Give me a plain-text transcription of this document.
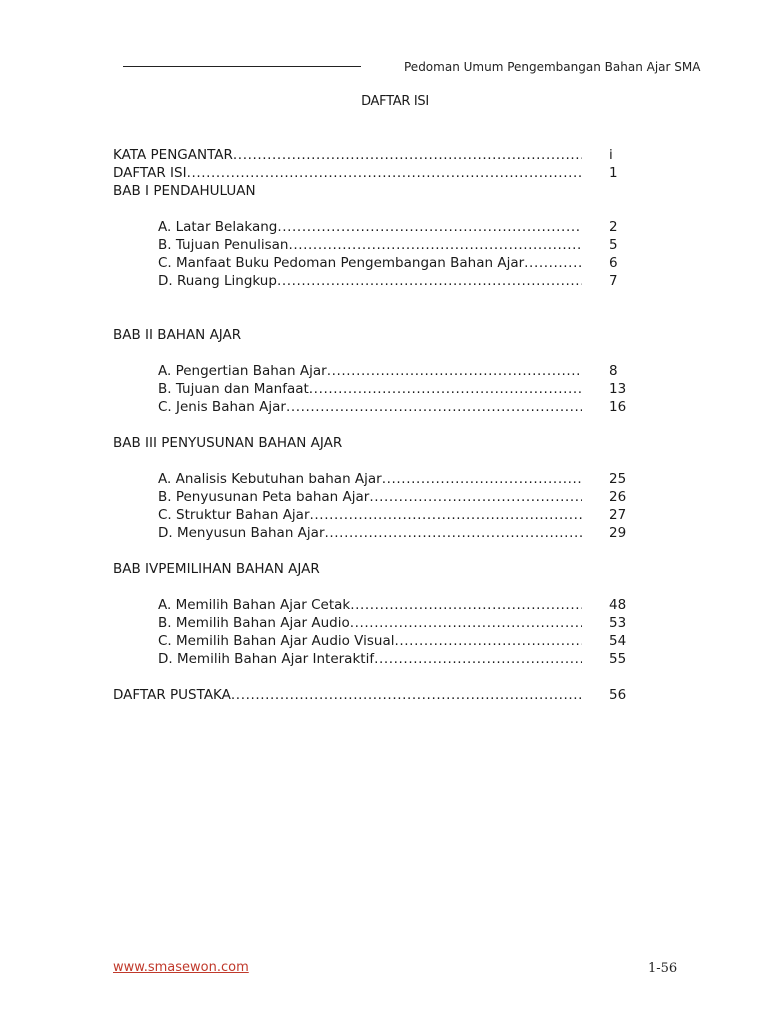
Pedoman Umum Pengembangan Bahan Ajar SMA
DAFTAR ISI
KATA PENGANTAR .....	i
DAFTAR ISI .....	1
BAB I PENDAHULUAN
A. Latar Belakang .....	2
B. Tujuan Penulisan .....	5
C. Manfaat Buku Pedoman Pengembangan Bahan Ajar .....	6
D. Ruang Lingkup .....	7
BAB II BAHAN AJAR
A. Pengertian Bahan Ajar .....	8
B. Tujuan dan Manfaat .....	13
C. Jenis Bahan Ajar .....	16
BAB III PENYUSUNAN BAHAN AJAR
A. Analisis Kebutuhan bahan Ajar .....	25
B. Penyusunan Peta bahan Ajar .....	26
C. Struktur Bahan Ajar .....	27
D. Menyusun Bahan Ajar .....	29
BAB IVPEMILIHAN BAHAN AJAR
A. Memilih Bahan Ajar Cetak .....	48
B. Memilih Bahan Ajar Audio .....	53
C. Memilih Bahan Ajar Audio Visual .....	54
D. Memilih Bahan Ajar Interaktif .....	55
DAFTAR PUSTAKA .....	56
www.smasewon.com	1-56
